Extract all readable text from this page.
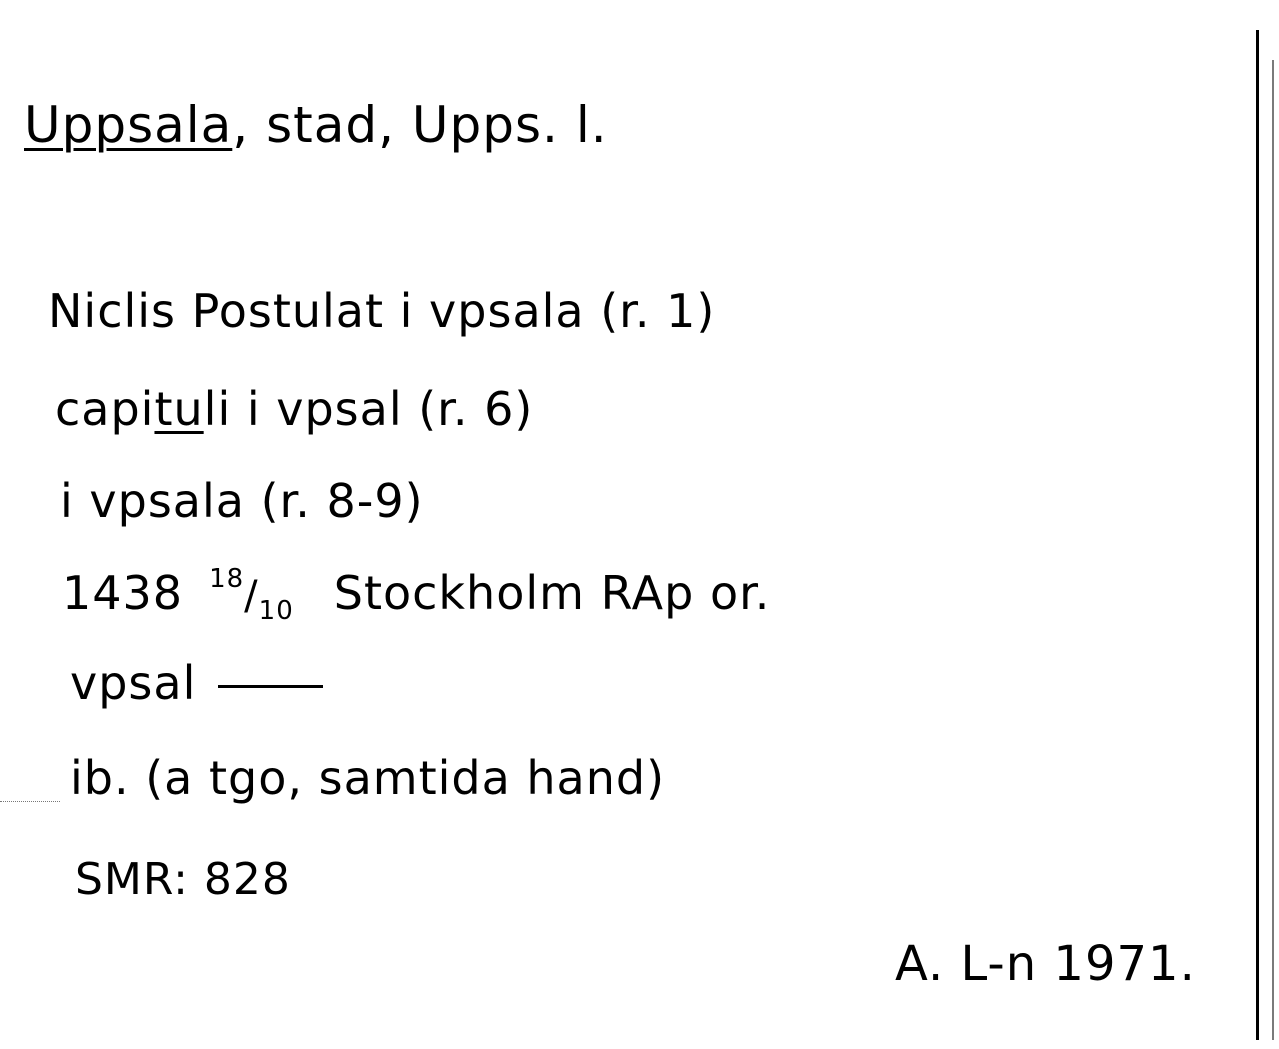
Uppsala, stad, Upps. l.
Niclis Postulat i vpsala (r. 1)
capituli i vpsal (r. 6)
i vpsala (r. 8-9)
1438 $^{18}/_{10}$ Stockholm RAp or.
vpsal
ib. (a tgo, samtida hand)
SMR: 828
A. L-n 1971.
